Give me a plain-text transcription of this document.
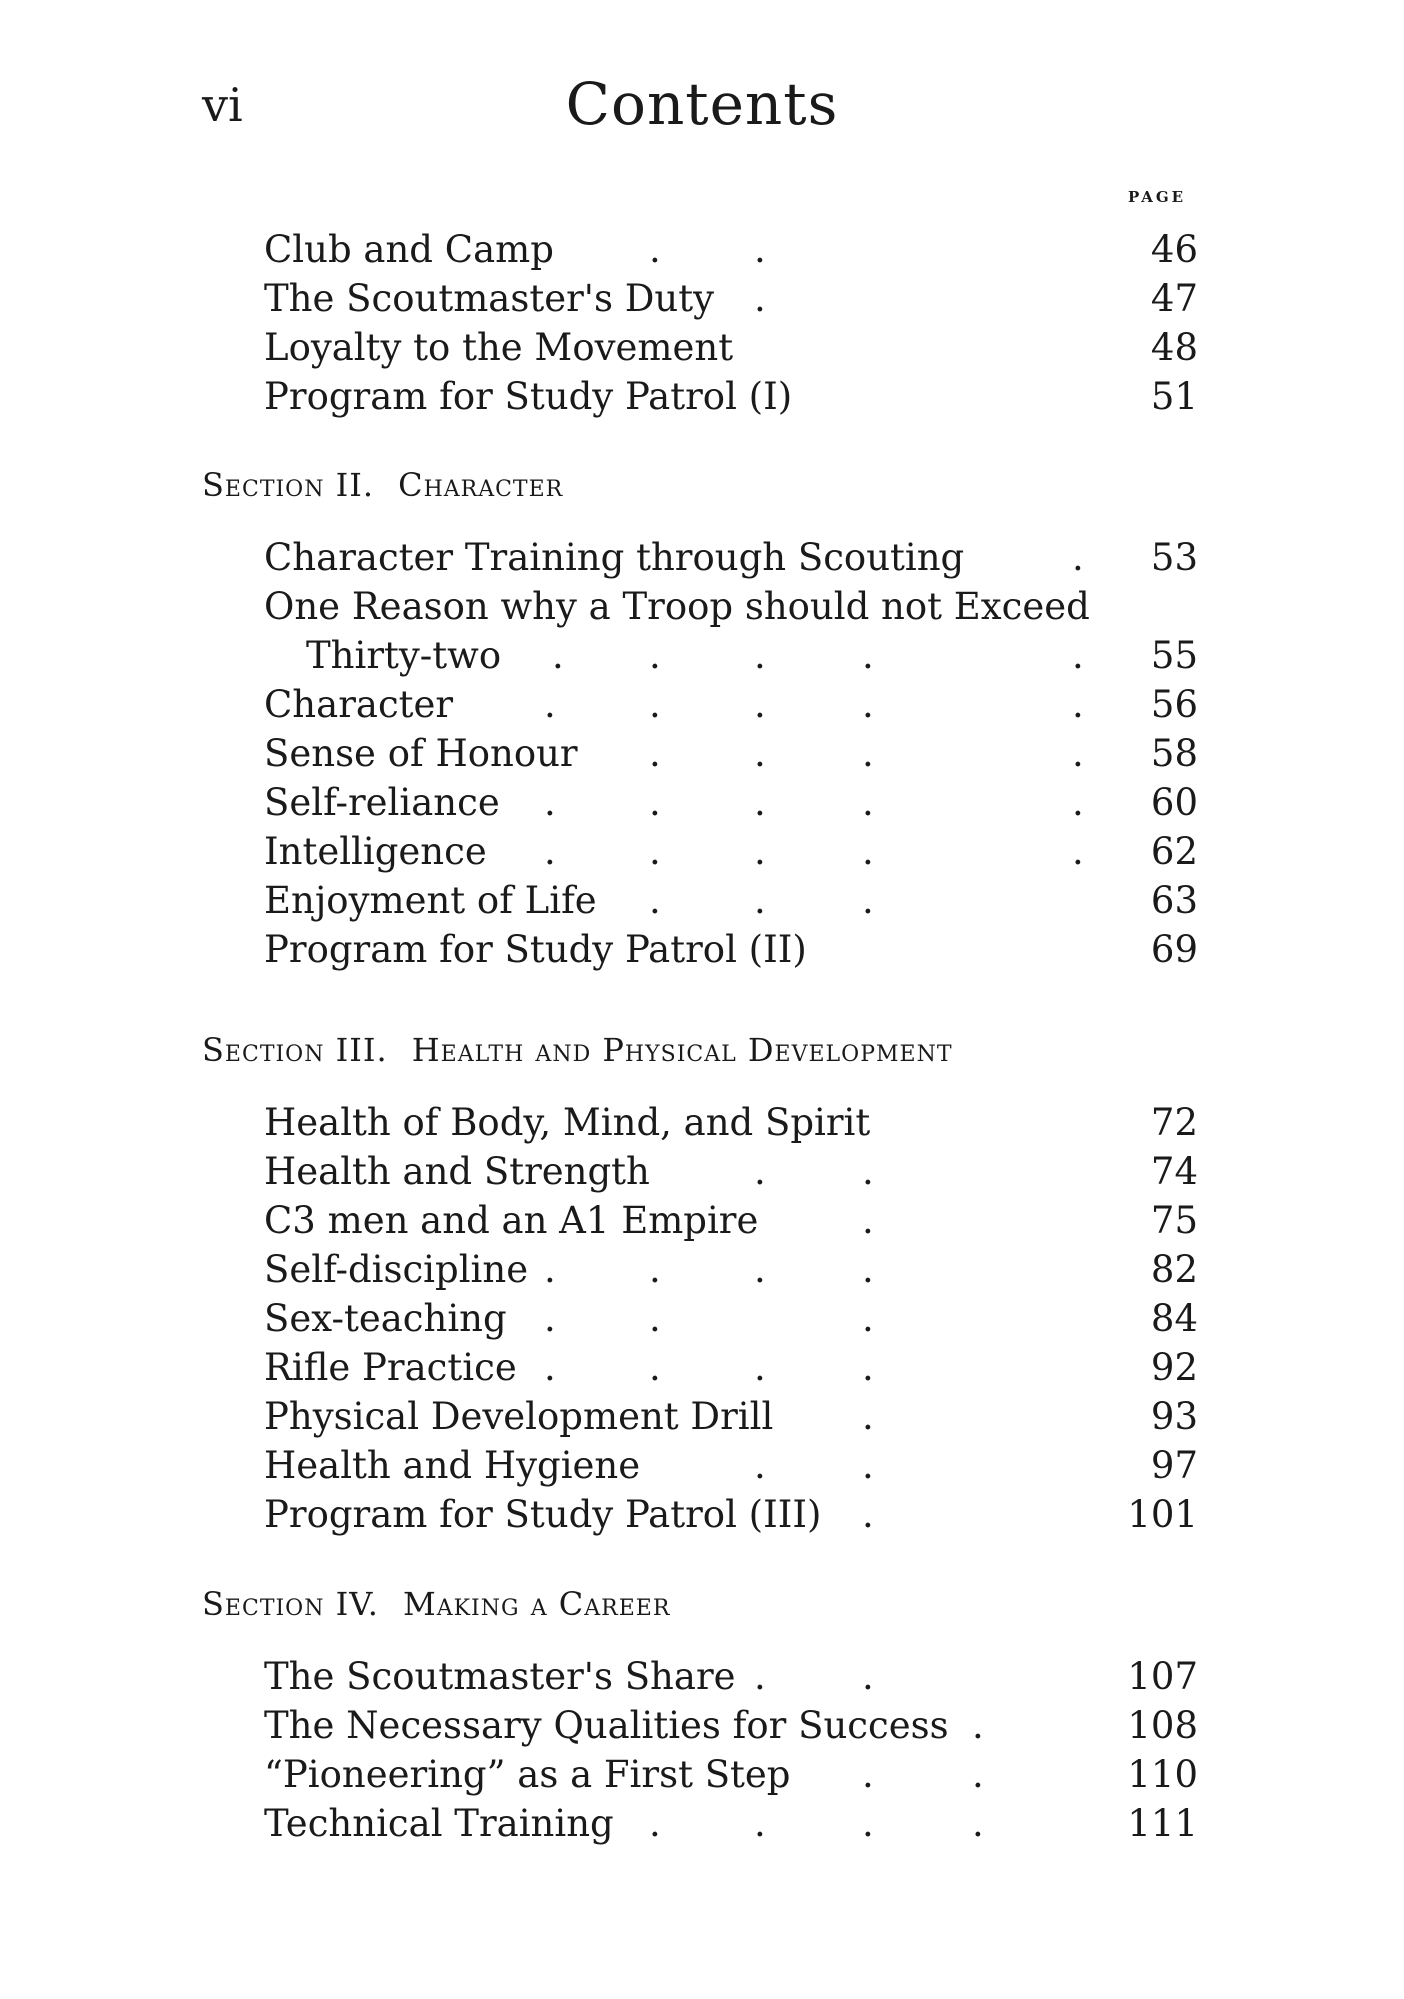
vi	Contents
PAGE
Club and Camp	.	.	46
The Scoutmaster's Duty .	47
Loyalty to the Movement	48
Program for Study Patrol (I)	51
Section II. Character
Character Training through Scouting	.	53
One Reason why a Troop should not Exceed
Thirty-two . .	.	.	.	55
Character .	.	.	.	.	56
Sense of Honour .	.	.	.	58
Self-reliance .	.	.	.	.	60
Intelligence .	.	.	.	.	62
Enjoyment of Life .	.	.	63
Program for Study Patrol (II)	69
Section III. Health and Physical Development
Health of Body, Mind, and Spirit	72
Health and Strength	.	.	74
C3 men and an A1 Empire	.	75
Self-discipline .	.	.	.	82
Sex-teaching .	.	.	84
Rifle Practice .	.	.	.	92
Physical Development Drill .	93
Health and Hygiene	.	.	97
Program for Study Patrol (III) .	101
Section IV. Making a Career
The Scoutmaster's Share .	.	107
The Necessary Qualities for Success .	108
“Pioneering” as a First Step .	.	110
Technical Training .	.	.	.	111
